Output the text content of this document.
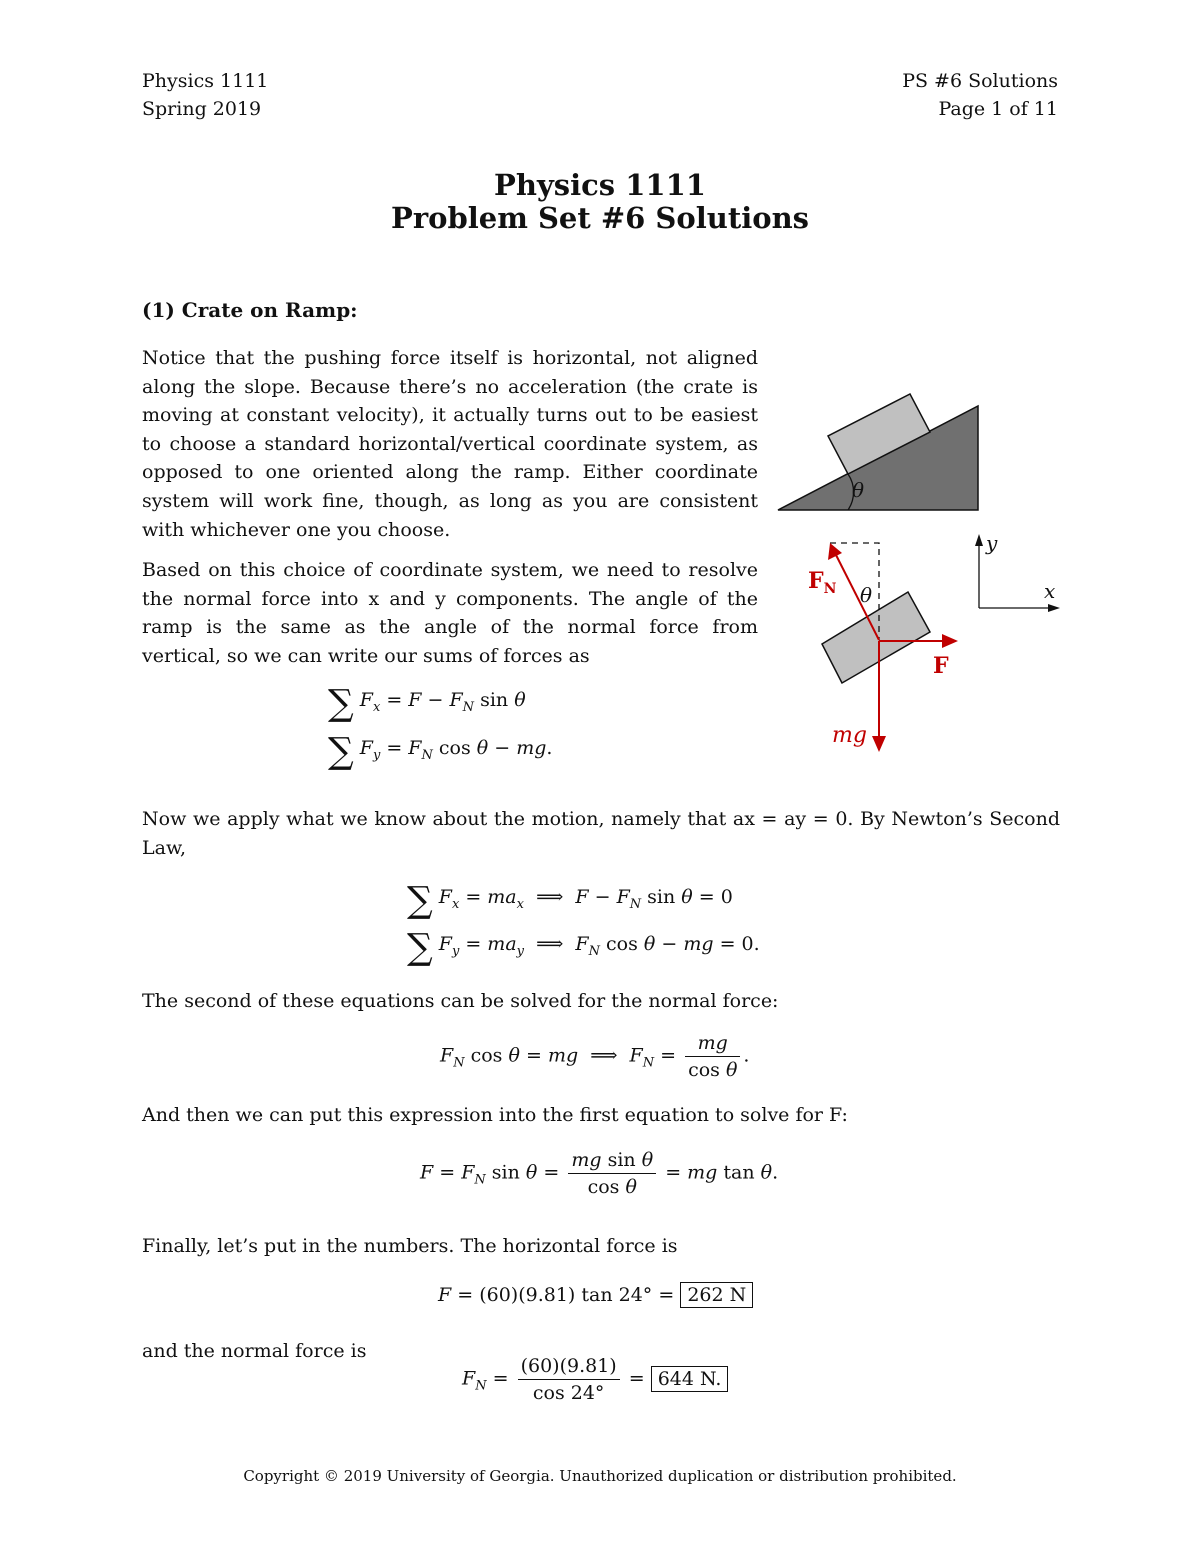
Physics 1111
Spring 2019
PS #6 Solutions
Page 1 of 11
Physics 1111
Problem Set #6 Solutions
(1) Crate on Ramp:
Notice that the pushing force itself is horizontal, not aligned along the slope. Because there’s no acceleration (the crate is moving at constant velocity), it actually turns out to be easiest to choose a standard horizontal/vertical coordinate system, as opposed to one oriented along the ramp. Either coordinate system will work fine, though, as long as you are consistent with whichever one you choose.
Based on this choice of coordinate system, we need to resolve the normal force into x and y components. The angle of the ramp is the same as the angle of the normal force from vertical, so we can write our sums of forces as
∑ $F_x = F - F_N$ sin θ
∑ $F_y = F_N$ cos θ − mg.
θ
θ
F
mg
$F_N$
y
x
Now we apply what we know about the motion, namely that ax = ay = 0. By Newton’s Second Law,
∑ $F_x = ma_x$  ⟹  $F - F_N$ sin θ = 0
∑ $F_y = ma_y$  ⟹  $F_N$ cos θ − mg = 0.
The second of these equations can be solved for the normal force:
$F_N$ cos θ = mg  ⟹  $F_N = \frac{mg}{\text{cos θ}}$ .
And then we can put this expression into the first equation to solve for F:
$F = F_N$ $\sin \theta = \frac{\text{mg sin θ}}{\text{cos θ}}$ = mg tan θ.
Finally, let’s put in the numbers. The horizontal force is
F = (60)(9.81) tan 24° = 262 N
and the normal force is
$F_N = \frac{(60)(9.81)}{\cos 24^\circ} = 644$ N.
Copyright © 2019 University of Georgia. Unauthorized duplication or distribution prohibited.
